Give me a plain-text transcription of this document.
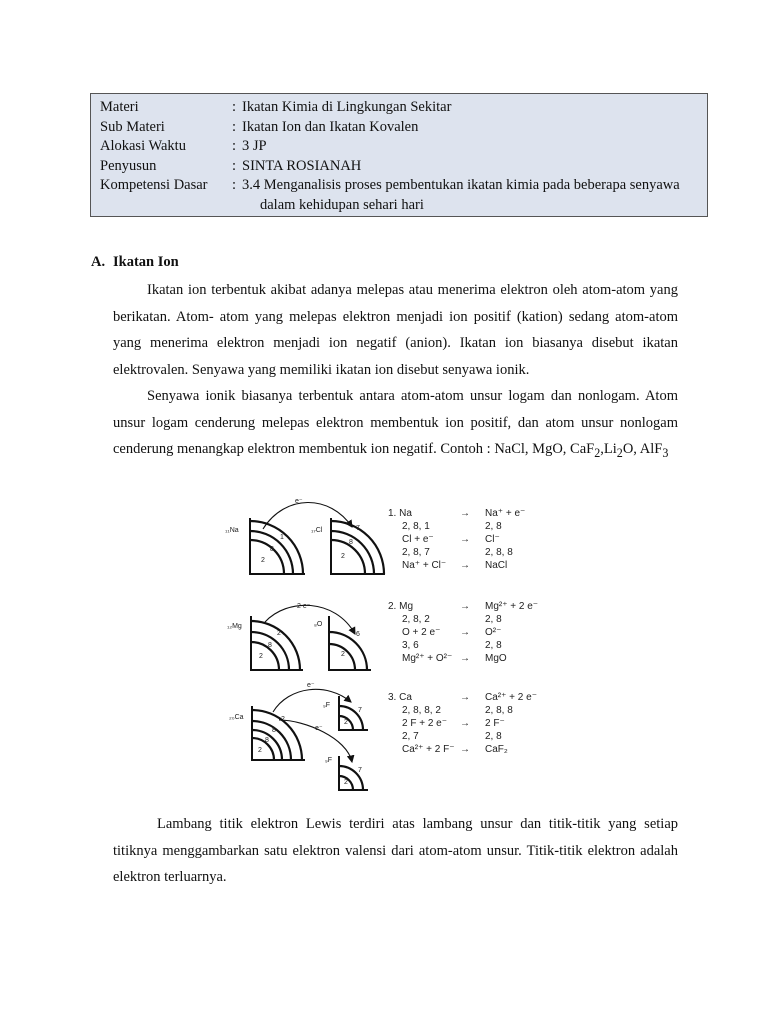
Materi	: Ikatan Kimia di Lingkungan Sekitar
Sub Materi	: Ikatan Ion dan Ikatan Kovalen
Alokasi Waktu	: 3 JP
Penyusun	: SINTA ROSIANAH
Kompetensi Dasar	: 3.4 Menganalisis proses pembentukan ikatan kimia pada beberapa senyawa
dalam kehidupan sehari hari
A. Ikatan Ion

Ikatan ion terbentuk akibat adanya melepas atau menerima elektron oleh atom-atom yang berikatan. Atom- atom yang melepas elektron menjadi ion positif (kation) sedang atom-atom yang menerima elektron menjadi ion negatif (anion). Ikatan ion biasanya disebut ikatan elektrovalen. Senyawa yang memiliki ikatan ion disebut senyawa ionik.

Senyawa ionik biasanya terbentuk antara atom-atom unsur logam dan nonlogam. Atom unsur logam cenderung melepas elektron membentuk ion positif, dan atom unsur nonlogam cenderung menangkap elektron membentuk ion negatif. Contoh : NaCl, MgO, $CaF_2,Li_2O$, AlF$_3$

₁₁Na
1
8
2
₁₇Cl	7
8
2
e⁻
1. Na	→ Na⁺ + e⁻
2, 8, 1	2, 8
Cl + e⁻	→ Cl⁻
2, 8, 7	2, 8, 8
Na⁺ + Cl⁻ → NaCl
₁₂Mg
2
8
2
₈O
6
2
2 e⁻	2. Mg	→ Mg²⁺ + 2 e⁻
2, 8, 2	2, 8
O + 2 e⁻ → O²⁻
3, 6	2, 8
Mg²⁺ + O²⁻ → MgO
₂₀Ca	2
8
8
2
₉F
7
2
₉F
7
2
e⁻
e⁻
3. Ca	→ Ca²⁺ + 2 e⁻
2, 8, 8, 2	2, 8, 8
2 F + 2 e⁻ → 2 F⁻
2, 7	2, 8
Ca²⁺ + 2 F⁻ → CaF₂

Lambang titik elektron Lewis terdiri atas lambang unsur dan titik-titik yang setiap titiknya menggambarkan satu elektron valensi dari atom-atom unsur. Titik-titik elektron adalah elektron terluarnya.
